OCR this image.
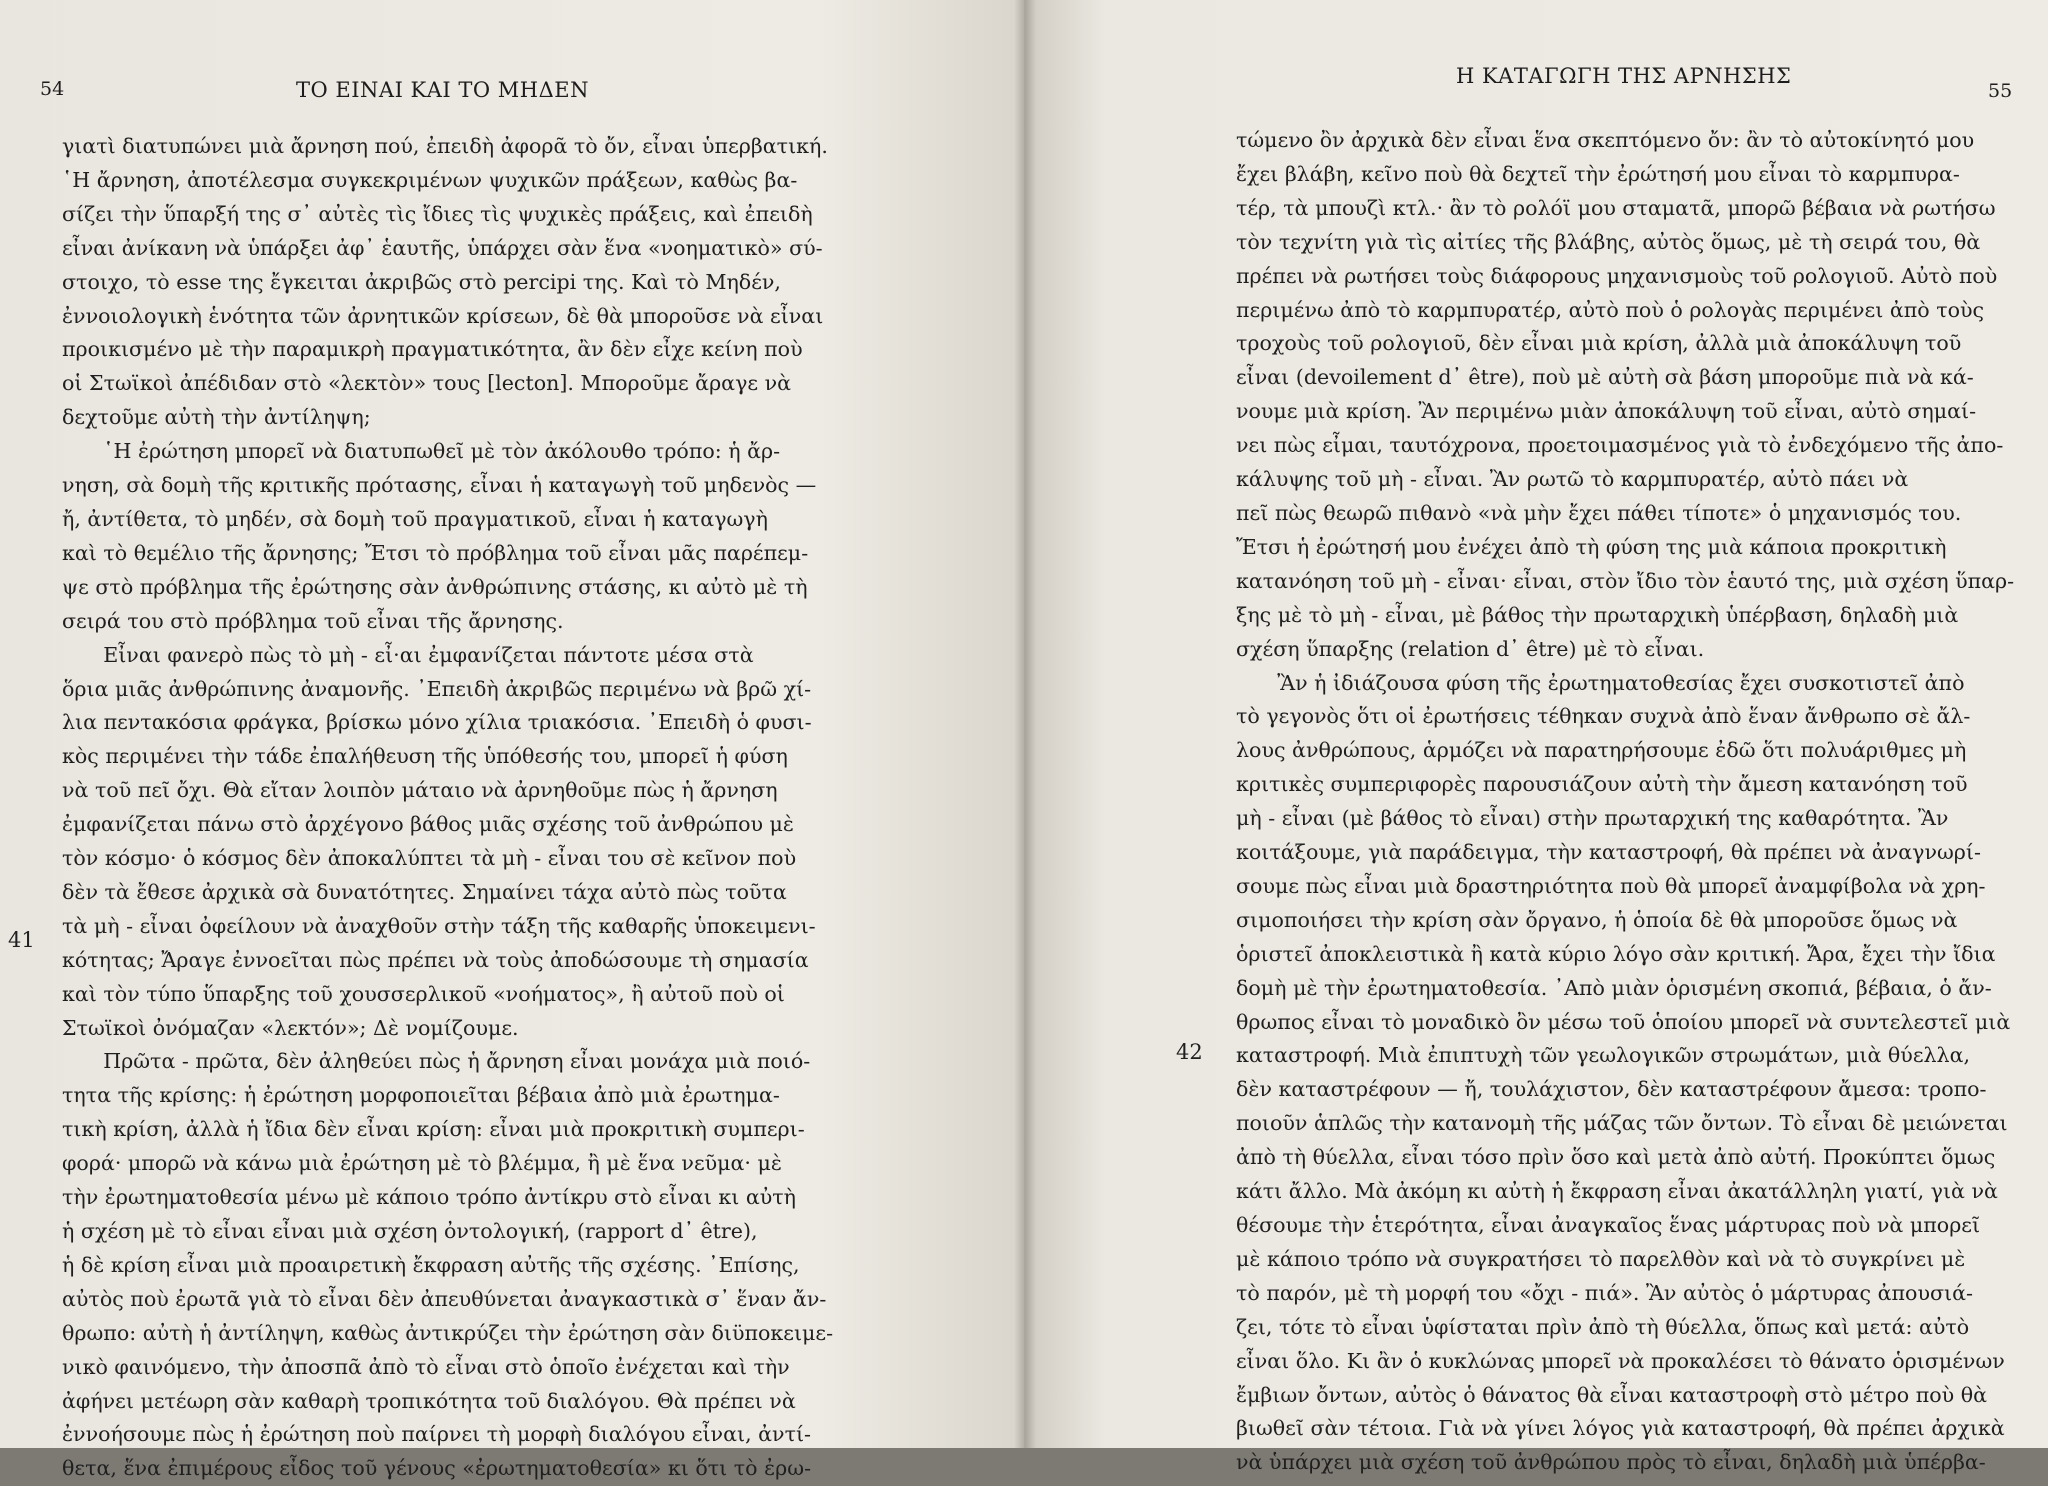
54	ΤΟ ΕΙΝΑΙ ΚΑΙ ΤΟ ΜΗΔΕΝ
41
γιατὶ διατυπώνει μιὰ ἄρνηση πού, ἐπειδὴ ἀφορᾶ τὸ ὄν, εἶναι ὑπερβατική.
῾Η ἄρνηση, ἀποτέλεσμα συγκεκριμένων ψυχικῶν πράξεων, καθὼς βα-
σίζει τὴν ὕπαρξή της σ᾽ αὐτὲς τὶς ἴδιες τὶς ψυχικὲς πράξεις, καὶ ἐπειδὴ
εἶναι ἀνίκανη νὰ ὑπάρξει ἀφ᾽ ἑαυτῆς, ὑπάρχει σὰν ἕνα «νοηματικὸ» σύ-
στοιχο, τὸ esse της ἔγκειται ἀκριβῶς στὸ percipi της. Καὶ τὸ Μηδέν,
ἐννοιολογικὴ ἑνότητα τῶν ἀρνητικῶν κρίσεων, δὲ θὰ μποροῦσε νὰ εἶναι
προικισμένο μὲ τὴν παραμικρὴ πραγματικότητα, ἂν δὲν εἶχε κείνη ποὺ
οἱ Στωϊκοὶ ἀπέδιδαν στὸ «λεκτὸν» τους [lecton]. Μποροῦμε ἄραγε νὰ
δεχτοῦμε αὐτὴ τὴν ἀντίληψη;
  ῾Η ἐρώτηση μπορεῖ νὰ διατυπωθεῖ μὲ τὸν ἀκόλουθο τρόπο: ἡ ἄρ-
νηση, σὰ δομὴ τῆς κριτικῆς πρότασης, εἶναι ἡ καταγωγὴ τοῦ μηδενὸς —
ἤ, ἀντίθετα, τὸ μηδέν, σὰ δομὴ τοῦ πραγματικοῦ, εἶναι ἡ καταγωγὴ
καὶ τὸ θεμέλιο τῆς ἄρνησης; Ἔτσι τὸ πρόβλημα τοῦ εἶναι μᾶς παρέπεμ-
ψε στὸ πρόβλημα τῆς ἐρώτησης σὰν ἀνθρώπινης στάσης, κι αὐτὸ μὲ τὴ
σειρά του στὸ πρόβλημα τοῦ εἶναι τῆς ἄρνησης.
  Εἶναι φανερὸ πὼς τὸ μὴ - εἶ·αι ἐμφανίζεται πάντοτε μέσα στὰ
ὅρια μιᾶς ἀνθρώπινης ἀναμονῆς. ᾽Επειδὴ ἀκριβῶς περιμένω νὰ βρῶ χί-
λια πεντακόσια φράγκα, βρίσκω μόνο χίλια τριακόσια. ᾽Επειδὴ ὁ φυσι-
κὸς περιμένει τὴν τάδε ἐπαλήθευση τῆς ὑπόθεσής του, μπορεῖ ἡ φύση
νὰ τοῦ πεῖ ὄχι. Θὰ εἴταν λοιπὸν μάταιο νὰ ἀρνηθοῦμε πὼς ἡ ἄρνηση
ἐμφανίζεται πάνω στὸ ἀρχέγονο βάθος μιᾶς σχέσης τοῦ ἀνθρώπου μὲ
τὸν κόσμο· ὁ κόσμος δὲν ἀποκαλύπτει τὰ μὴ - εἶναι του σὲ κεῖνον ποὺ
δὲν τὰ ἔθεσε ἀρχικὰ σὰ δυνατότητες. Σημαίνει τάχα αὐτὸ πὼς τοῦτα
τὰ μὴ - εἶναι ὀφείλουν νὰ ἀναχθοῦν στὴν τάξη τῆς καθαρῆς ὑποκειμενι-
κότητας; Ἄραγε ἐννοεῖται πὼς πρέπει νὰ τοὺς ἀποδώσουμε τὴ σημασία
καὶ τὸν τύπο ὕπαρξης τοῦ χουσσερλικοῦ «νοήματος», ἢ αὐτοῦ ποὺ οἱ
Στωϊκοὶ ὀνόμαζαν «λεκτόν»; Δὲ νομίζουμε.
  Πρῶτα - πρῶτα, δὲν ἀληθεύει πὼς ἡ ἄρνηση εἶναι μονάχα μιὰ ποιό-
τητα τῆς κρίσης: ἡ ἐρώτηση μορφοποιεῖται βέβαια ἀπὸ μιὰ ἐρωτημα-
τικὴ κρίση, ἀλλὰ ἡ ἴδια δὲν εἶναι κρίση: εἶναι μιὰ προκριτικὴ συμπερι-
φορά· μπορῶ νὰ κάνω μιὰ ἐρώτηση μὲ τὸ βλέμμα, ἢ μὲ ἕνα νεῦμα· μὲ
τὴν ἐρωτηματοθεσία μένω μὲ κάποιο τρόπο ἀντίκρυ στὸ εἶναι κι αὐτὴ
ἡ σχέση μὲ τὸ εἶναι εἶναι μιὰ σχέση ὀντολογική, (rapport d᾽ être),
ἡ δὲ κρίση εἶναι μιὰ προαιρετικὴ ἔκφραση αὐτῆς τῆς σχέσης. ᾽Επίσης,
αὐτὸς ποὺ ἐρωτᾶ γιὰ τὸ εἶναι δὲν ἀπευθύνεται ἀναγκαστικὰ σ᾽ ἕναν ἄν-
θρωπο: αὐτὴ ἡ ἀντίληψη, καθὼς ἀντικρύζει τὴν ἐρώτηση σὰν διϋποκειμε-
νικὸ φαινόμενο, τὴν ἀποσπᾶ ἀπὸ τὸ εἶναι στὸ ὁποῖο ἐνέχεται καὶ τὴν
ἀφήνει μετέωρη σὰν καθαρὴ τροπικότητα τοῦ διαλόγου. Θὰ πρέπει νὰ
ἐννοήσουμε πὼς ἡ ἐρώτηση ποὺ παίρνει τὴ μορφὴ διαλόγου εἶναι, ἀντί-
θετα, ἕνα ἐπιμέρους εἶδος τοῦ γένους «ἐρωτηματοθεσία» κι ὅτι τὸ ἐρω-
Η ΚΑΤΑΓΩΓΗ ΤΗΣ ΑΡΝΗΣΗΣ
55
42
τώμενο ὂν ἀρχικὰ δὲν εἶναι ἕνα σκεπτόμενο ὄν: ἂν τὸ αὐτοκίνητό μου
ἔχει βλάβη, κεῖνο ποὺ θὰ δεχτεῖ τὴν ἐρώτησή μου εἶναι τὸ καρμπυρα-
τέρ, τὰ μπουζὶ κτλ.· ἂν τὸ ρολόϊ μου σταματᾶ, μπορῶ βέβαια νὰ ρωτήσω
τὸν τεχνίτη γιὰ τὶς αἰτίες τῆς βλάβης, αὐτὸς ὅμως, μὲ τὴ σειρά του, θὰ
πρέπει νὰ ρωτήσει τοὺς διάφορους μηχανισμοὺς τοῦ ρολογιοῦ. Αὐτὸ ποὺ
περιμένω ἀπὸ τὸ καρμπυρατέρ, αὐτὸ ποὺ ὁ ρολογὰς περιμένει ἀπὸ τοὺς
τροχοὺς τοῦ ρολογιοῦ, δὲν εἶναι μιὰ κρίση, ἀλλὰ μιὰ ἀποκάλυψη τοῦ
εἶναι (devoilement d᾽ être), ποὺ μὲ αὐτὴ σὰ βάση μποροῦμε πιὰ νὰ κά-
νουμε μιὰ κρίση. Ἂν περιμένω μιὰν ἀποκάλυψη τοῦ εἶναι, αὐτὸ σημαί-
νει πὼς εἶμαι, ταυτόχρονα, προετοιμασμένος γιὰ τὸ ἐνδεχόμενο τῆς ἀπο-
κάλυψης τοῦ μὴ - εἶναι. Ἂν ρωτῶ τὸ καρμπυρατέρ, αὐτὸ πάει νὰ
πεῖ πὼς θεωρῶ πιθανὸ «νὰ μὴν ἔχει πάθει τίποτε» ὁ μηχανισμός του.
Ἔτσι ἡ ἐρώτησή μου ἐνέχει ἀπὸ τὴ φύση της μιὰ κάποια προκριτικὴ
κατανόηση τοῦ μὴ - εἶναι· εἶναι, στὸν ἴδιο τὸν ἑαυτό της, μιὰ σχέση ὕπαρ-
ξης μὲ τὸ μὴ - εἶναι, μὲ βάθος τὴν πρωταρχικὴ ὑπέρβαση, δηλαδὴ μιὰ
σχέση ὕπαρξης (relation d᾽ être) μὲ τὸ εἶναι.
  Ἂν ἡ ἰδιάζουσα φύση τῆς ἐρωτηματοθεσίας ἔχει συσκοτιστεῖ ἀπὸ
τὸ γεγονὸς ὅτι οἱ ἐρωτήσεις τέθηκαν συχνὰ ἀπὸ ἕναν ἄνθρωπο σὲ ἄλ-
λους ἀνθρώπους, ἁρμόζει νὰ παρατηρήσουμε ἐδῶ ὅτι πολυάριθμες μὴ
κριτικὲς συμπεριφορὲς παρουσιάζουν αὐτὴ τὴν ἄμεση κατανόηση τοῦ
μὴ - εἶναι (μὲ βάθος τὸ εἶναι) στὴν πρωταρχική της καθαρότητα. Ἂν
κοιτάξουμε, γιὰ παράδειγμα, τὴν καταστροφή, θὰ πρέπει νὰ ἀναγνωρί-
σουμε πὼς εἶναι μιὰ δραστηριότητα ποὺ θὰ μπορεῖ ἀναμφίβολα νὰ χρη-
σιμοποιήσει τὴν κρίση σὰν ὄργανο, ἡ ὁποία δὲ θὰ μποροῦσε ὅμως νὰ
ὁριστεῖ ἀποκλειστικὰ ἢ κατὰ κύριο λόγο σὰν κριτική. Ἄρα, ἔχει τὴν ἴδια
δομὴ μὲ τὴν ἐρωτηματοθεσία. ᾽Απὸ μιὰν ὁρισμένη σκοπιά, βέβαια, ὁ ἄν-
θρωπος εἶναι τὸ μοναδικὸ ὂν μέσω τοῦ ὁποίου μπορεῖ νὰ συντελεστεῖ μιὰ
καταστροφή. Μιὰ ἐπιπτυχὴ τῶν γεωλογικῶν στρωμάτων, μιὰ θύελλα,
δὲν καταστρέφουν — ἤ, τουλάχιστον, δὲν καταστρέφουν ἄμεσα: τροπο-
ποιοῦν ἁπλῶς τὴν κατανομὴ τῆς μάζας τῶν ὄντων. Τὸ εἶναι δὲ μειώνεται
ἀπὸ τὴ θύελλα, εἶναι τόσο πρὶν ὅσο καὶ μετὰ ἀπὸ αὐτή. Προκύπτει ὅμως
κάτι ἄλλο. Μὰ ἀκόμη κι αὐτὴ ἡ ἔκφραση εἶναι ἀκατάλληλη γιατί, γιὰ νὰ
θέσουμε τὴν ἑτερότητα, εἶναι ἀναγκαῖος ἕνας μάρτυρας ποὺ νὰ μπορεῖ
μὲ κάποιο τρόπο νὰ συγκρατήσει τὸ παρελθὸν καὶ νὰ τὸ συγκρίνει μὲ
τὸ παρόν, μὲ τὴ μορφή του «ὄχι - πιά». Ἂν αὐτὸς ὁ μάρτυρας ἀπουσιά-
ζει, τότε τὸ εἶναι ὑφίσταται πρὶν ἀπὸ τὴ θύελλα, ὅπως καὶ μετά: αὐτὸ
εἶναι ὅλο. Κι ἂν ὁ κυκλώνας μπορεῖ νὰ προκαλέσει τὸ θάνατο ὁρισμένων
ἔμβιων ὄντων, αὐτὸς ὁ θάνατος θὰ εἶναι καταστροφὴ στὸ μέτρο ποὺ θὰ
βιωθεῖ σὰν τέτοια. Γιὰ νὰ γίνει λόγος γιὰ καταστροφή, θὰ πρέπει ἀρχικὰ
νὰ ὑπάρχει μιὰ σχέση τοῦ ἀνθρώπου πρὸς τὸ εἶναι, δηλαδὴ μιὰ ὑπέρβα-
